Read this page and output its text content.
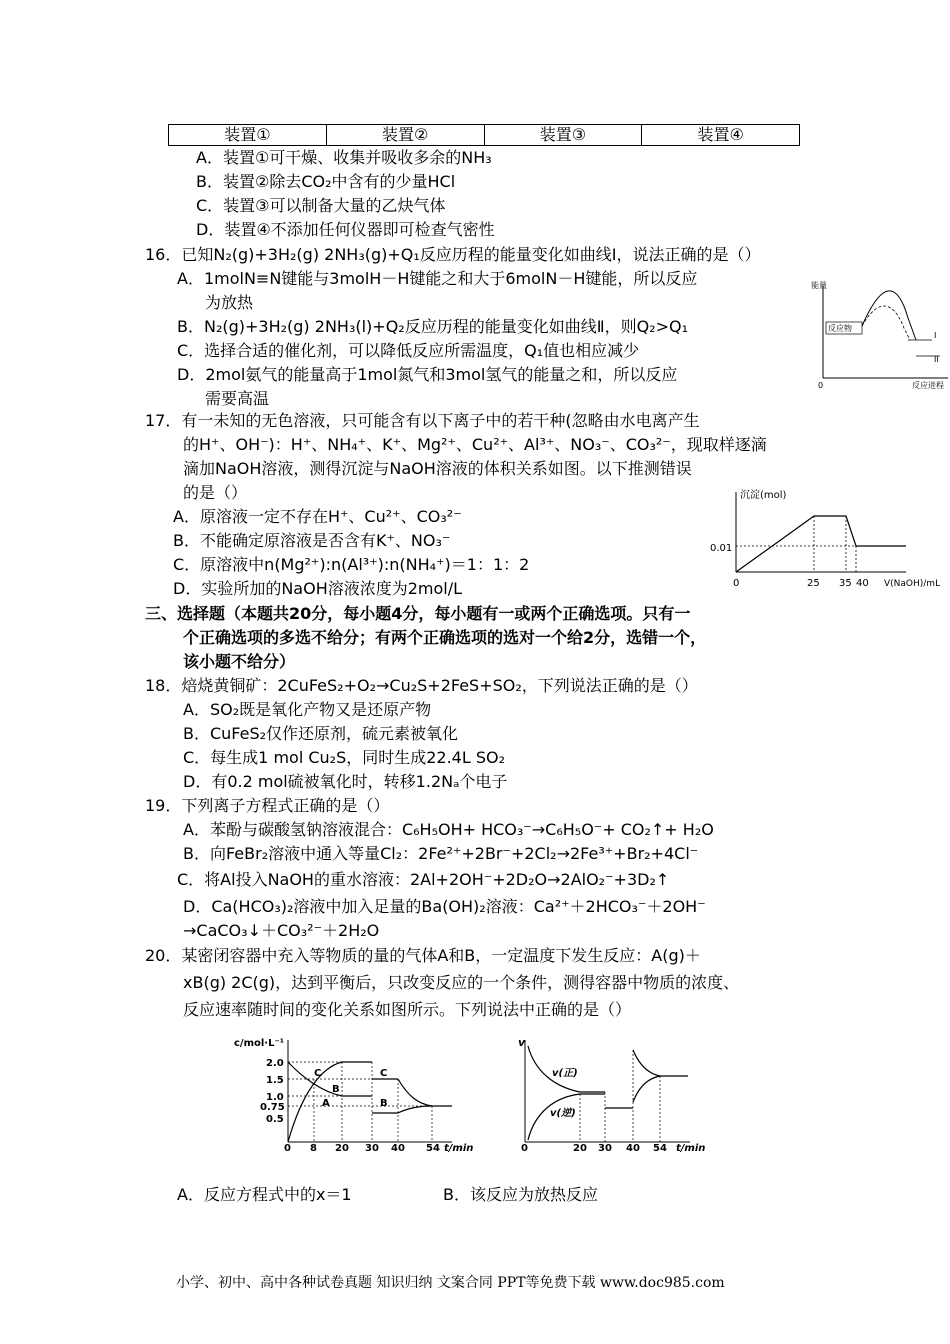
装置①	装置②	装置③	装置④
A．装置①可干燥、收集并吸收多余的NH₃
B．装置②除去CO₂中含有的少量HCl
C．装置③可以制备大量的乙炔气体
D．装置④不添加任何仪器即可检查气密性
16．已知N₂(g)+3H₂(g) 2NH₃(g)+Q₁反应历程的能量变化如曲线I，说法正确的是（）
A．1molN≡N键能与3molH－H键能之和大于6molN－H键能，所以反应
为放热
B．N₂(g)+3H₂(g) 2NH₃(l)+Q₂反应历程的能量变化如曲线Ⅱ，则Q₂>Q₁
C．选择合适的催化剂，可以降低反应所需温度，Q₁值也相应减少
D．2mol氨气的能量高于1mol氮气和3mol氢气的能量之和，所以反应
需要高温
能量
0	反应进程
反应物
I
II
17．有一未知的无色溶液，只可能含有以下离子中的若干种(忽略由水电离产生
的H⁺、OH⁻)：H⁺、NH₄⁺、K⁺、Mg²⁺、Cu²⁺、Al³⁺、NO₃⁻、CO₃²⁻，现取样逐滴
滴加NaOH溶液，测得沉淀与NaOH溶液的体积关系如图。以下推测错误
的是（）
A．原溶液一定不存在H⁺、Cu²⁺、CO₃²⁻
B．不能确定原溶液是否含有K⁺、NO₃⁻
C．原溶液中n(Mg²⁺):n(Al³⁺):n(NH₄⁺)＝1：1：2
D．实验所加的NaOH溶液浓度为2mol/L
沉淀(mol)
0.01
0	25 35 40 V(NaOH)/mL
三、选择题（本题共20分，每小题4分，每小题有一或两个正确选项。只有一
个正确选项的多选不给分；有两个正确选项的选对一个给2分，选错一个，
该小题不给分）
18．焙烧黄铜矿：2CuFeS₂+O₂→Cu₂S+2FeS+SO₂，下列说法正确的是（）
A．SO₂既是氧化产物又是还原产物
B．CuFeS₂仅作还原剂，硫元素被氧化
C．每生成1 mol Cu₂S，同时生成22.4L SO₂
D．有0.2 mol硫被氧化时，转移1.2Nₐ个电子
19．下列离子方程式正确的是（）
A．苯酚与碳酸氢钠溶液混合：C₆H₅OH+ HCO₃⁻→C₆H₅O⁻+ CO₂↑+ H₂O
B．向FeBr₂溶液中通入等量Cl₂：2Fe²⁺+2Br⁻+2Cl₂→2Fe³⁺+Br₂+4Cl⁻
C．将Al投入NaOH的重水溶液：2Al+2OH⁻+2D₂O→2AlO₂⁻+3D₂↑
D．Ca(HCO₃)₂溶液中加入足量的Ba(OH)₂溶液：Ca²⁺＋2HCO₃⁻＋2OH⁻
→CaCO₃↓＋CO₃²⁻＋2H₂O
20．某密闭容器中充入等物质的量的气体A和B，一定温度下发生反应：A(g)＋
xB(g) 2C(g)，达到平衡后，只改变反应的一个条件，测得容器中物质的浓度、
反应速率随时间的变化关系如图所示。下列说法中正确的是（）
c/mol·L⁻¹
2.0
1.5
1.0
0.75
0.5
C
B
A
C
B
0 8 20 30 40 54 t/min
v
v(正)
v(逆)
0	20 30 40 54 t/min
A．反应方程式中的x＝1	B．该反应为放热反应
小学、初中、高中各种试卷真题 知识归纳 文案合同 PPT等免费下载 www.doc985.com
